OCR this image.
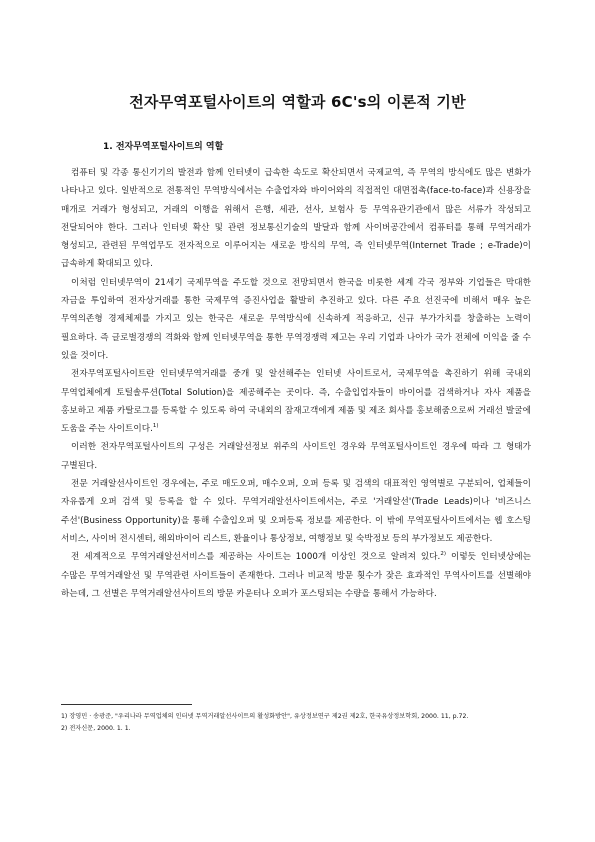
전자무역포털사이트의 역할과 6C's의 이론적 기반
1. 전자무역포털사이트의 역할

컴퓨터 및 각종 통신기기의 발전과 함께 인터넷이 급속한 속도로 확산되면서 국제교역, 즉 무역의 방식에도 많은 변화가 나타나고 있다. 일반적으로 전통적인 무역방식에서는 수출업자와 바이어와의 직접적인 대면접촉(face-to-face)과 신용장을 매개로 거래가 형성되고, 거래의 이행을 위해서 은행, 세관, 선사, 보험사 등 무역유관기관에서 많은 서류가 작성되고 전달되어야 한다. 그러나 인터넷 확산 및 관련 정보통신기술의 발달과 함께 사이버공간에서 컴퓨터를 통해 무역거래가 형성되고, 관련된 무역업무도 전자적으로 이루어지는 새로운 방식의 무역, 즉 인터넷무역(Internet Trade ; e-Trade)이 급속하게 확대되고 있다.

이처럼 인터넷무역이 21세기 국제무역을 주도할 것으로 전망되면서 한국을 비롯한 세계 각국 정부와 기업들은 막대한 자금을 투입하여 전자상거래를 통한 국제무역 증진사업을 활발히 추진하고 있다. 다른 주요 선진국에 비해서 매우 높은 무역의존형 경제체제를 가지고 있는 한국은 새로운 무역방식에 신속하게 적응하고, 신규 부가가치를 창출하는 노력이 필요하다. 즉 글로벌경쟁의 격화와 함께 인터넷무역을 통한 무역경쟁력 제고는 우리 기업과 나아가 국가 전체에 이익을 줄 수 있을 것이다.

전자무역포털사이트란 인터넷무역거래를 중개 및 알선해주는 인터넷 사이트로서, 국제무역을 촉진하기 위해 국내외 무역업체에게 토털솔루션(Total Solution)을 제공해주는 곳이다. 즉, 수출입업자들이 바이어를 검색하거나 자사 제품을 홍보하고 제품 카탈로그를 등록할 수 있도록 하여 국내외의 잠재고객에게 제품 및 제조 회사를 홍보해줌으로써 거래선 발굴에 도움을 주는 사이트이다.$^{1)}$

이러한 전자무역포털사이트의 구성은 거래알선정보 위주의 사이트인 경우와 무역포털사이트인 경우에 따라 그 형태가 구별된다.

전문 거래알선사이트인 경우에는, 주로 매도오퍼, 매수오퍼, 오퍼 등록 및 검색의 대표적인 영역별로 구분되어, 업체들이 자유롭게 오퍼 검색 및 등록을 할 수 있다. 무역거래알선사이트에서는, 주로 '거래알선'(Trade Leads)이나 '비즈니스 주선'(Business Opportunity)을 통해 수출입오퍼 및 오퍼등록 정보를 제공한다. 이 밖에 무역포털사이트에서는 웹 호스팅 서비스, 사이버 전시센터, 해외바이어 리스트, 환율이나 통상정보, 여행정보 및 숙박정보 등의 부가정보도 제공한다.

전 세계적으로 무역거래알선서비스를 제공하는 사이트는 1000개 이상인 것으로 알려져 있다.$^{2)}$ 이렇듯 인터넷상에는 수많은 무역거래알선 및 무역관련 사이트들이 존재한다. 그러나 비교적 방문 횟수가 잦은 효과적인 무역사이트를 선별해야 하는데, 그 선별은 무역거래알선사이트의 방문 카운터나 오퍼가 포스팅되는 수량을 통해서 가능하다.

1) 장영민 · 송광준, "우리나라 무역업체의 인터넷 무역거래알선사이트의 활성화방안", 유상정보연구 제2권 제2호, 한국유상정보학회, 2000. 11, p.72.

2) 전자신문, 2000. 1. 1.
